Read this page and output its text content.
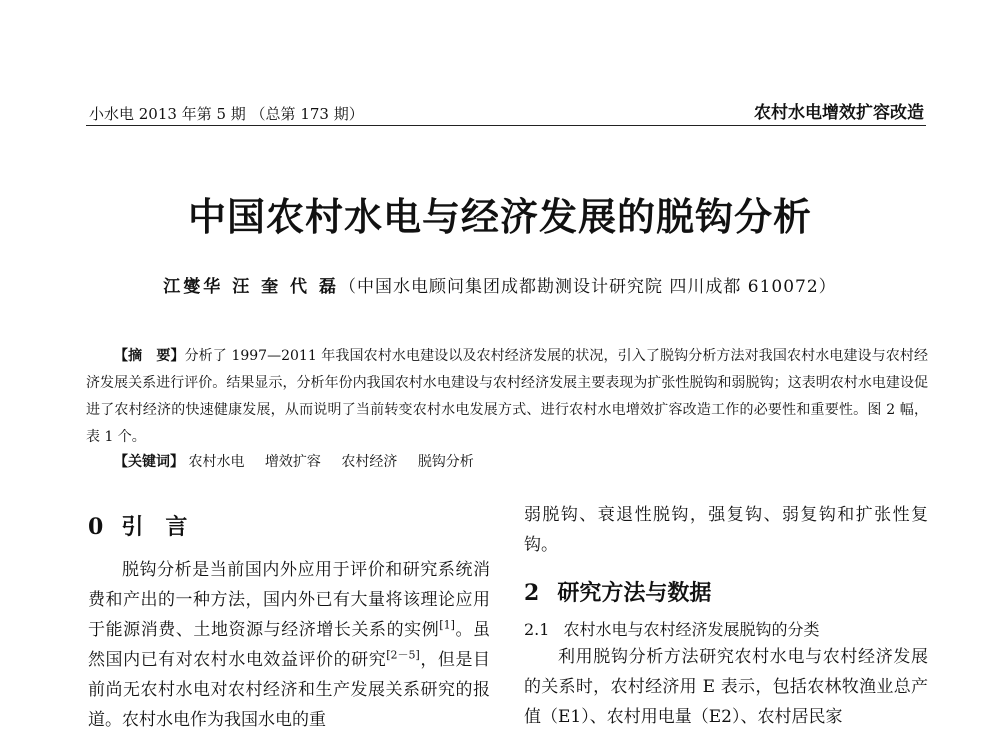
小水电 2013 年第 5 期 （总第 173 期）	农村水电增效扩容改造
中国农村水电与经济发展的脱钩分析
江燮华 汪 奎 代 磊（中国水电顾问集团成都勘测设计研究院 四川成都 610072）
【摘　要】分析了 1997—2011 年我国农村水电建设以及农村经济发展的状况，引入了脱钩分析方法对我国农村水电建设与农村经济发展关系进行评价。结果显示，分析年份内我国农村水电建设与农村经济发展主要表现为扩张性脱钩和弱脱钩；这表明农村水电建设促进了农村经济的快速健康发展，从而说明了当前转变农村水电发展方式、进行农村水电增效扩容改造工作的必要性和重要性。图 2 幅，表 1 个。
【关键词】 农村水电 增效扩容 农村经济 脱钩分析
0 引言

脱钩分析是当前国内外应用于评价和研究系统消费和产出的一种方法，国内外已有大量将该理论应用于能源消费、土地资源与经济增长关系的实例[1]。虽然国内已有对农村水电效益评价的研究[2－5]，但是目前尚无农村水电对农村经济和生产发展关系研究的报道。农村水电作为我国水电的重

弱脱钩、衰退性脱钩，强复钩、弱复钩和扩张性复钩。

2 研究方法与数据

2.1 农村水电与农村经济发展脱钩的分类

利用脱钩分析方法研究农村水电与农村经济发展的关系时，农村经济用 E 表示，包括农林牧渔业总产值（E1）、农村用电量（E2）、农村居民家
